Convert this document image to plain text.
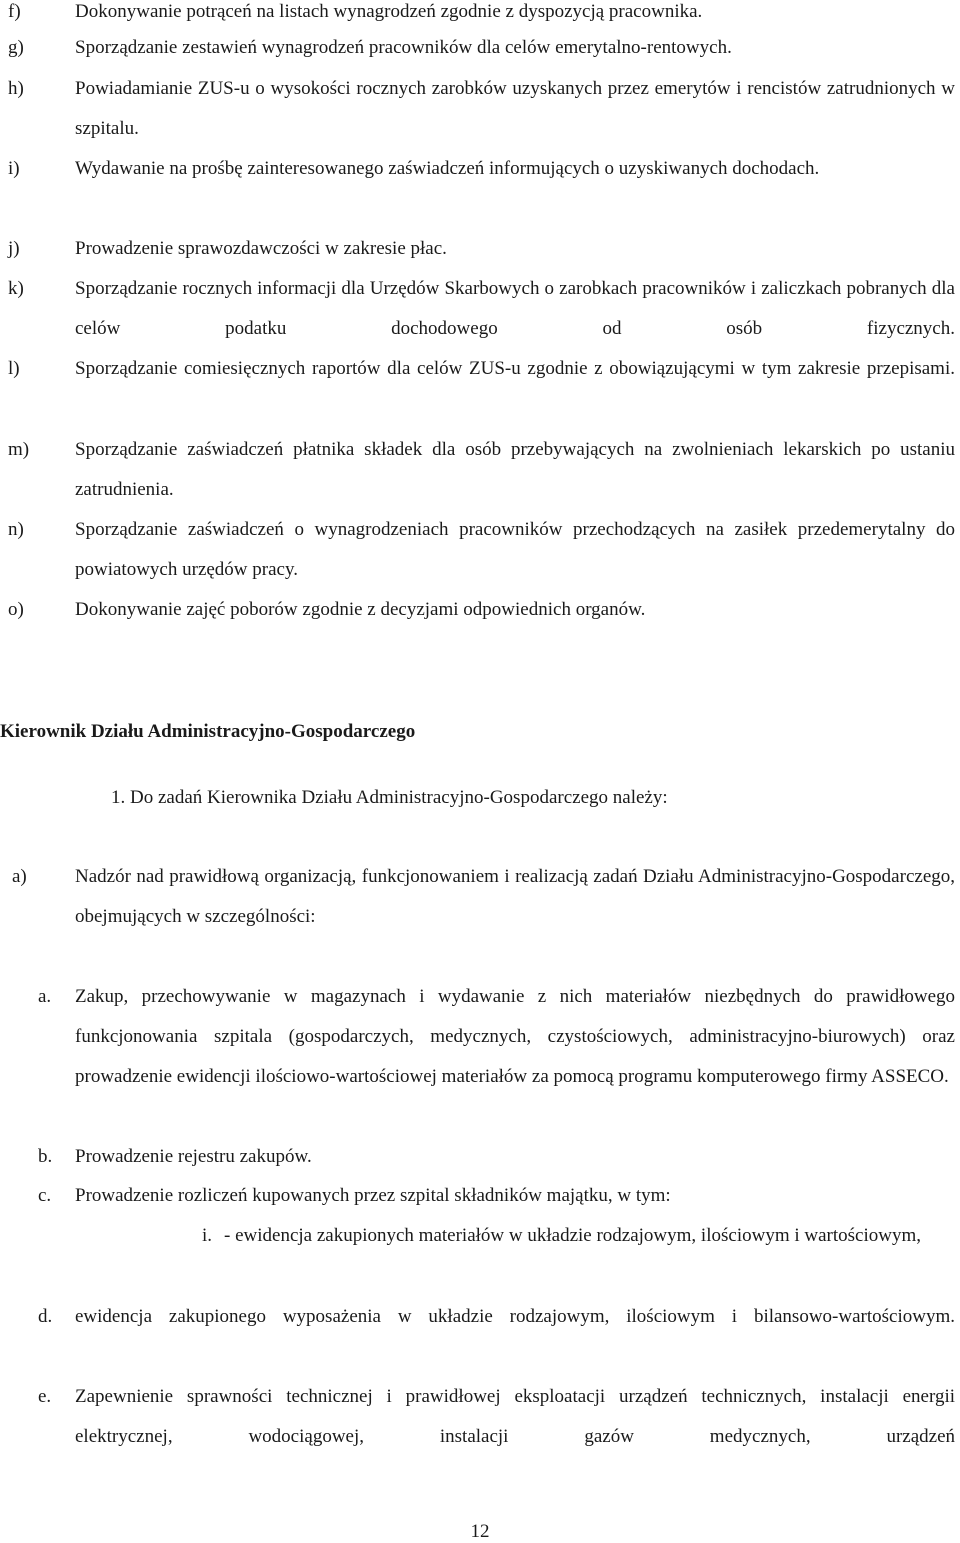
f)	Dokonywanie potrąceń na listach wynagrodzeń zgodnie z dyspozycją pracownika.
g)	Sporządzanie zestawień wynagrodzeń pracowników dla celów emerytalno-rentowych.
h)	Powiadamianie ZUS-u o wysokości rocznych zarobków uzyskanych przez emerytów i rencistów zatrudnionych w szpitalu.
i)	Wydawanie na prośbę zainteresowanego zaświadczeń informujących o uzyskiwanych dochodach.
j)	Prowadzenie sprawozdawczości w zakresie płac.
k)	Sporządzanie rocznych informacji dla Urzędów Skarbowych o zarobkach pracowników i zaliczkach pobranych dla celów podatku dochodowego od osób fizycznych.
l)	Sporządzanie comiesięcznych raportów dla celów ZUS-u zgodnie z obowiązującymi w tym zakresie przepisami.
m) Sporządzanie zaświadczeń płatnika składek dla osób przebywających na zwolnieniach lekarskich po ustaniu zatrudnienia.
n)	Sporządzanie zaświadczeń o wynagrodzeniach pracowników przechodzących na zasiłek przedemerytalny do powiatowych urzędów pracy.
o)	Dokonywanie zajęć poborów zgodnie z decyzjami odpowiednich organów.
Kierownik Działu Administracyjno-Gospodarczego
1. Do zadań Kierownika Działu Administracyjno-Gospodarczego należy:
a)	Nadzór nad prawidłową organizacją, funkcjonowaniem i realizacją zadań Działu Administracyjno-Gospodarczego, obejmujących w szczególności:
a. Zakup, przechowywanie w magazynach i wydawanie z nich materiałów niezbędnych do prawidłowego funkcjonowania szpitala (gospodarczych, medycznych, czystościowych, administracyjno-biurowych) oraz prowadzenie ewidencji ilościowo-wartościowej materiałów za pomocą programu komputerowego firmy ASSECO.
b. Prowadzenie rejestru zakupów.
c. Prowadzenie rozliczeń kupowanych przez szpital składników majątku, w tym:
i. - ewidencja zakupionych materiałów w układzie rodzajowym, ilościowym i wartościowym,
d. ewidencja zakupionego wyposażenia w układzie rodzajowym, ilościowym i bilansowo-wartościowym.
e. Zapewnienie sprawności technicznej i prawidłowej eksploatacji urządzeń technicznych, instalacji energii elektrycznej, wodociągowej, instalacji gazów medycznych, urządzeń
12
